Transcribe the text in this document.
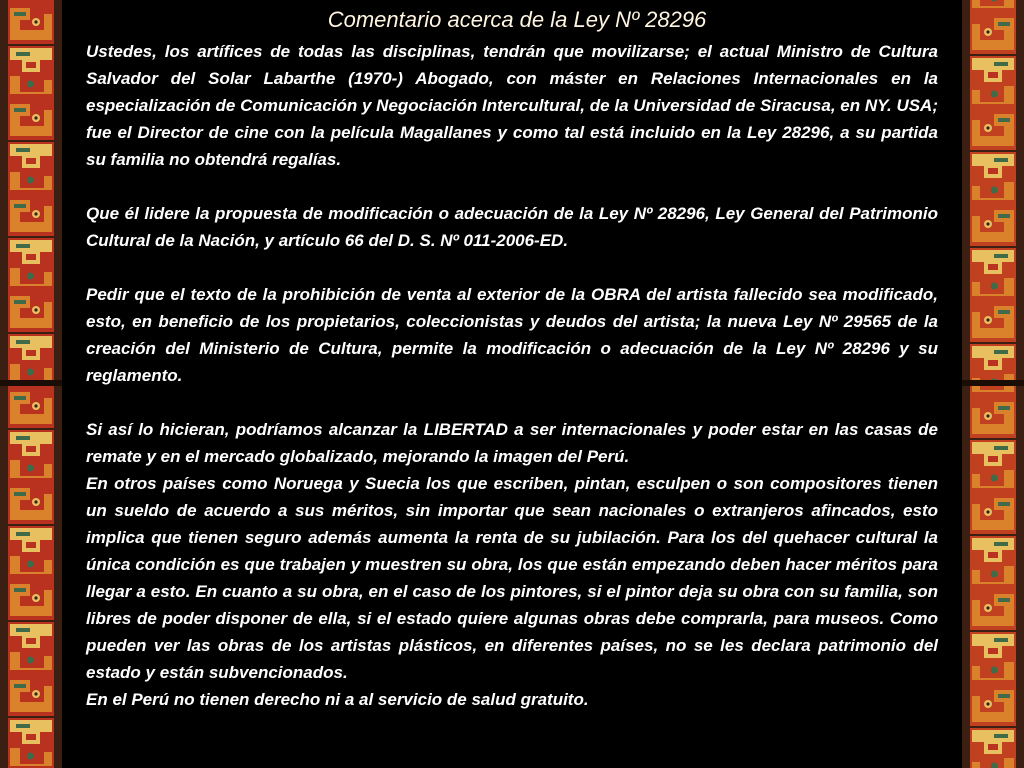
Comentario acerca de la Ley Nº 28296

Ustedes, los artífices de todas las disciplinas, tendrán que movilizarse; el actual Ministro de Cultura Salvador del Solar Labarthe (1970-) Abogado, con máster en Relaciones Internacionales en la especialización de Comunicación y Negociación Intercultural, de la Universidad de Siracusa, en NY. USA; fue el Director de cine con la película Magallanes y como tal está incluido en la Ley 28296, a su partida su familia no obtendrá regalías.

Que él lidere la propuesta de modificación o adecuación de la Ley Nº 28296, Ley General del Patrimonio Cultural de la Nación, y artículo 66 del D. S. Nº 011-2006-ED.

Pedir que el texto de la prohibición de venta al exterior de la OBRA del artista fallecido sea modificado, esto, en beneficio de los propietarios, coleccionistas y deudos del artista; la nueva Ley Nº 29565 de la creación del Ministerio de Cultura, permite la modificación o adecuación de la Ley Nº 28296 y su reglamento.

Si así lo hicieran, podríamos alcanzar la LIBERTAD a ser internacionales y poder estar en las casas de remate y en el mercado globalizado, mejorando la imagen del Perú.

En otros países como Noruega y Suecia los que escriben, pintan, esculpen o son compositores tienen un sueldo de acuerdo a sus méritos, sin importar que sean nacionales o extranjeros afincados, esto implica que tienen seguro además aumenta la renta de su jubilación. Para los del quehacer cultural la única condición es que trabajen y muestren su obra, los que están empezando deben hacer méritos para llegar a esto. En cuanto a su obra, en el caso de los pintores, si el pintor deja su obra con su familia, son libres de poder disponer de ella, si el estado quiere algunas obras debe comprarla, para museos. Como pueden ver las obras de los artistas plásticos, en diferentes países, no se les declara patrimonio del estado y están subvencionados.

En el Perú no tienen derecho ni a al servicio de salud gratuito.
